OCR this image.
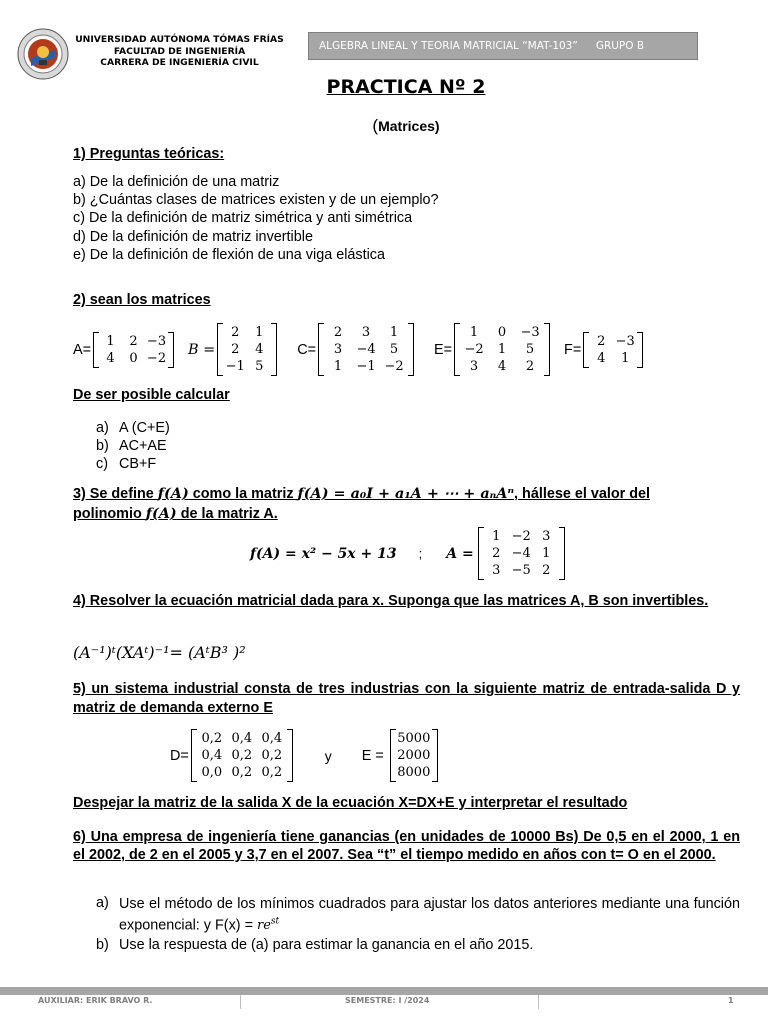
UNIVERSIDAD AUTÓNOMA TÓMAS FRÍAS
FACULTAD DE INGENIERÍA
CARRERA DE INGENIERÍA CIVIL
ALGEBRA LINEAL Y TEORIA MATRICIAL “MAT-103” GRUPO B
PRACTICA Nº 2
(Matrices)
1) Preguntas teóricas:
a) De la definición de una matriz
b) ¿Cuántas clases de matrices existen y de un ejemplo?
c) De la definición de matriz simétrica y anti simétrica
d) De la definición de matriz invertible
e) De la definición de flexión de una viga elástica
2) sean los matrices
A=
1	2 −3
4	0 −2
B =
2	1
2	4
−1 5
C=
2	3	1
3	−4	5
1	−1 −2
E=
1	0	−3
−2	1	5
3	4	2
F=
2 −3
4	1
De ser posible calcular
a) A (C+E)
b) AC+AE
c) CB+F
3) Se define f(A) como la matriz f(A) = a₀I + a₁A + ⋯ + aₙAⁿ, hállese el valor del
polinomio f(A) de la matriz A.
f(A) = x² − 5x + 13 ; A =
1 −2 3
2 −4 1
3 −5 2
4) Resolver la ecuación matricial dada para x. Suponga que las matrices A, B son invertibles.
(A⁻¹)ᵗ(XAᵗ)⁻¹= (AᵗB³ )²
5) un sistema industrial consta de tres industrias con la siguiente matriz de entrada-salida D y matriz de demanda externo E
D=
0,2 0,4 0,4
0,4 0,2 0,2
0,0 0,2 0,2
y E =
5000
2000
8000
Despejar la matriz de la salida X de la ecuación X=DX+E y interpretar el resultado
6) Una empresa de ingeniería tiene ganancias (en unidades de 10000 Bs) De 0,5 en el 2000, 1 en el 2002, de 2 en el 2005 y 3,7 en el 2007. Sea “t” el tiempo medido en años con t= O en el 2000.
a) Use el método de los mínimos cuadrados para ajustar los datos anteriores mediante una función exponencial: y $F(x) = re^{st}$
b) Use la respuesta de (a) para estimar la ganancia en el año 2015.
AUXILIAR: ERIK BRAVO R.	SEMESTRE: I /2024	1
